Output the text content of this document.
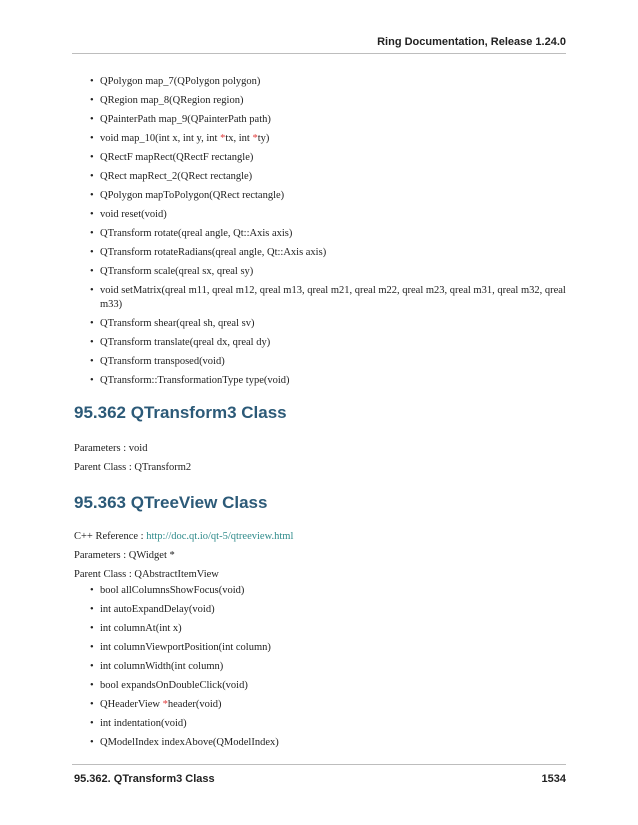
Ring Documentation, Release 1.24.0
• QPolygon map_7(QPolygon polygon)
• QRegion map_8(QRegion region)
• QPainterPath map_9(QPainterPath path)
• void map_10(int x, int y, int *tx, int *ty)
• QRectF mapRect(QRectF rectangle)
• QRect mapRect_2(QRect rectangle)
• QPolygon mapToPolygon(QRect rectangle)
• void reset(void)
• QTransform rotate(qreal angle, Qt::Axis axis)
• QTransform rotateRadians(qreal angle, Qt::Axis axis)
• QTransform scale(qreal sx, qreal sy)
• void setMatrix(qreal m11, qreal m12, qreal m13, qreal m21, qreal m22, qreal m23, qreal m31, qreal m32, qreal m33)
• QTransform shear(qreal sh, qreal sv)
• QTransform translate(qreal dx, qreal dy)
• QTransform transposed(void)
• QTransform::TransformationType type(void)
95.362 QTransform3 Class
Parameters : void
Parent Class : QTransform2
95.363 QTreeView Class
C++ Reference : http://doc.qt.io/qt-5/qtreeview.html
Parameters : QWidget *
Parent Class : QAbstractItemView
• bool allColumnsShowFocus(void)
• int autoExpandDelay(void)
• int columnAt(int x)
• int columnViewportPosition(int column)
• int columnWidth(int column)
• bool expandsOnDoubleClick(void)
• QHeaderView *header(void)
• int indentation(void)
• QModelIndex indexAbove(QModelIndex)
95.362. QTransform3 Class	1534
